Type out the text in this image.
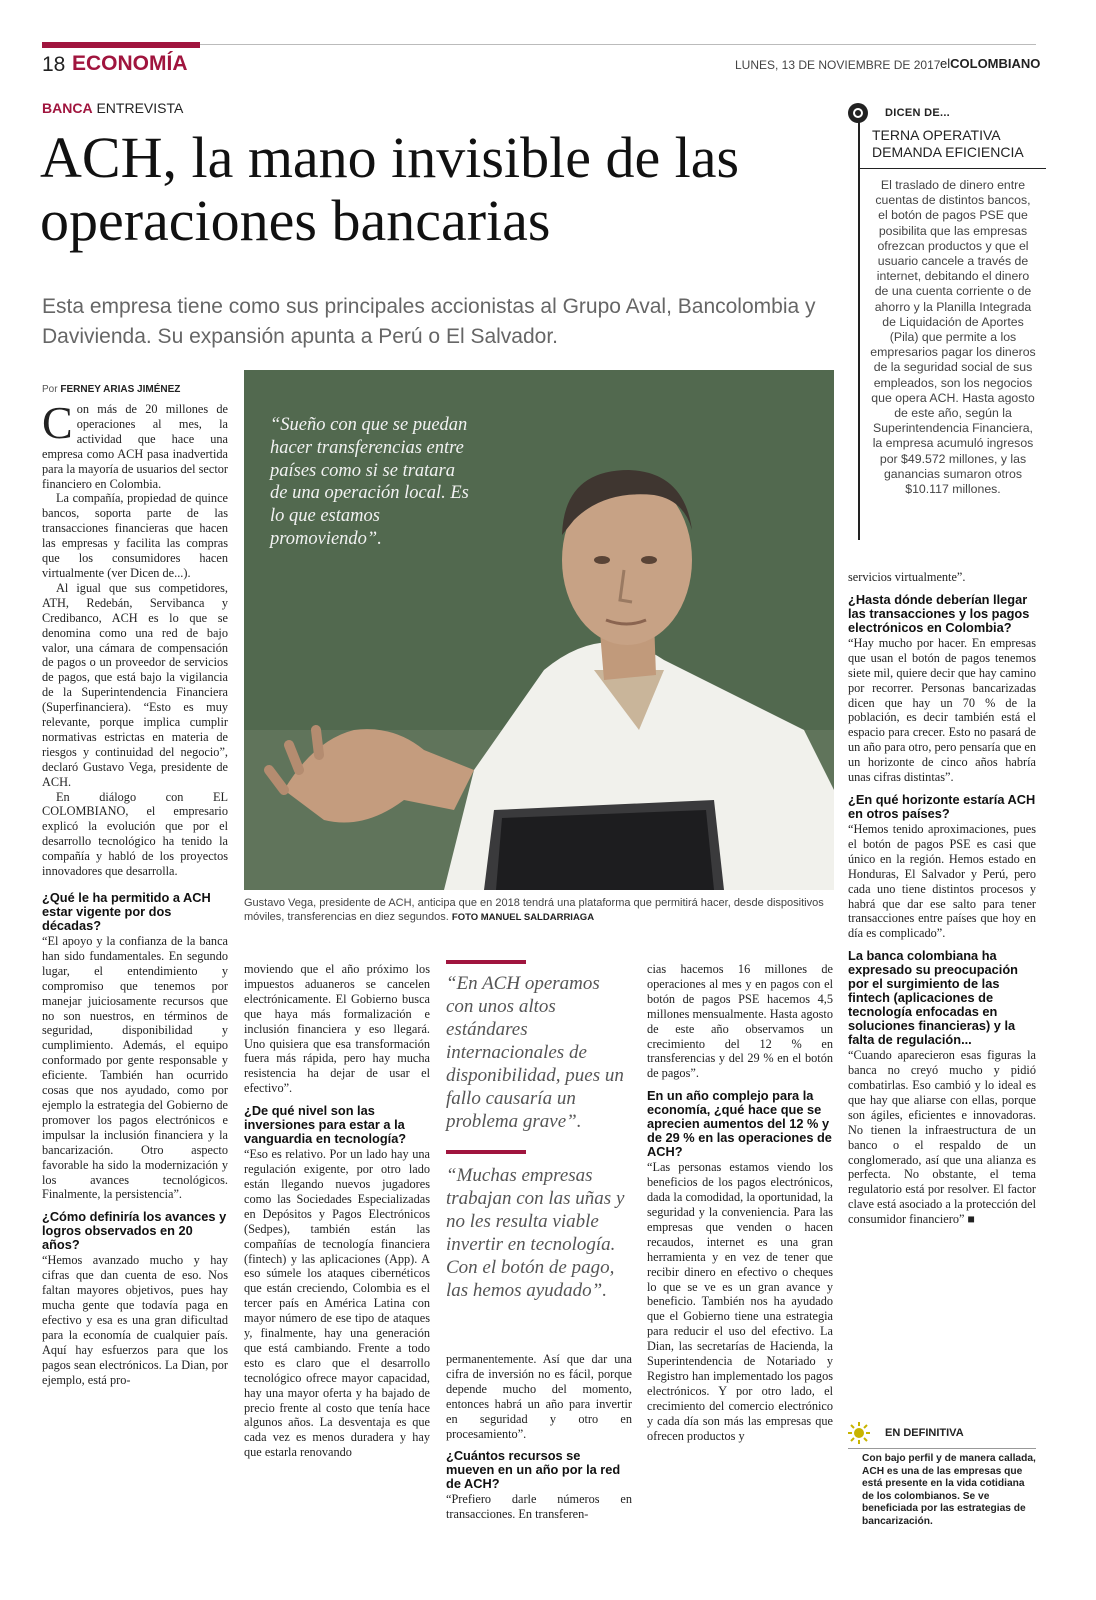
18 ECONOMÍA	LUNES, 13 DE NOVIEMBRE DE 2017 elCOLOMBIANO
BANCA ENTREVISTA
ACH, la mano invisible de las operaciones bancarias
Esta empresa tiene como sus principales accionistas al Grupo Aval, Bancolombia y Davivienda. Su expansión apunta a Perú o El Salvador.
Por FERNEY ARIAS JIMÉNEZ

Con más de 20 millones de operaciones al mes, la actividad que hace una empresa como ACH pasa inadvertida para la mayoría de usuarios del sector financiero en Colombia.

La compañía, propiedad de quince bancos, soporta parte de las transacciones financieras que hacen las empresas y facilita las compras que los consumidores hacen virtualmente (ver Dicen de...).

Al igual que sus competidores, ATH, Redebán, Servibanca y Credibanco, ACH es lo que se denomina como una red de bajo valor, una cámara de compensación de pagos o un proveedor de servicios de pagos, que está bajo la vigilancia de la Superintendencia Financiera (Superfinanciera). “Esto es muy relevante, porque implica cumplir normativas estrictas en materia de riesgos y continuidad del negocio”, declaró Gustavo Vega, presidente de ACH.

En diálogo con EL COLOMBIANO, el empresario explicó la evolución que por el desarrollo tecnológico ha tenido la compañía y habló de los proyectos innovadores que desarrolla.

¿Qué le ha permitido a ACH estar vigente por dos décadas?

“El apoyo y la confianza de la banca han sido fundamentales. En segundo lugar, el entendimiento y compromiso que tenemos por manejar juiciosamente recursos que no son nuestros, en términos de seguridad, disponibilidad y cumplimiento. Además, el equipo conformado por gente responsable y eficiente. También han ocurrido cosas que nos ayudado, como por ejemplo la estrategia del Gobierno de promover los pagos electrónicos e impulsar la inclusión financiera y la bancarización. Otro aspecto favorable ha sido la modernización y los avances tecnológicos. Finalmente, la persistencia”.

¿Cómo definiría los avances y logros observados en 20 años?

“Hemos avanzado mucho y hay cifras que dan cuenta de eso. Nos faltan mayores objetivos, pues hay mucha gente que todavía paga en efectivo y esa es una gran dificultad para la economía de cualquier país. Aquí hay esfuerzos para que los pagos sean electrónicos. La Dian, por ejemplo, está pro-

“Sueño con que se puedan hacer transferencias entre países como si se tratara de una operación local. Es lo que estamos promoviendo”.
Gustavo Vega, presidente de ACH, anticipa que en 2018 tendrá una plataforma que permitirá hacer, desde dispositivos móviles, transferencias en diez segundos. FOTO MANUEL SALDARRIAGA

moviendo que el año próximo los impuestos aduaneros se cancelen electrónicamente. El Gobierno busca que haya más formalización e inclusión financiera y eso llegará. Uno quisiera que esa transformación fuera más rápida, pero hay mucha resistencia ha dejar de usar el efectivo”.

¿De qué nivel son las inversiones para estar a la vanguardia en tecnología?

“Eso es relativo. Por un lado hay una regulación exigente, por otro lado están llegando nuevos jugadores como las Sociedades Especializadas en Depósitos y Pagos Electrónicos (Sedpes), también están las compañías de tecnología financiera (fintech) y las aplicaciones (App). A eso súmele los ataques cibernéticos que están creciendo, Colombia es el tercer país en América Latina con mayor número de ese tipo de ataques y, finalmente, hay una generación que está cambiando. Frente a todo esto es claro que el desarrollo tecnológico ofrece mayor capacidad, hay una mayor oferta y ha bajado de precio frente al costo que tenía hace algunos años. La desventaja es que cada vez es menos duradera y hay que estarla renovando

“En ACH operamos con unos altos estándares internacionales de disponibilidad, pues un fallo causaría un problema grave”.
“Muchas empresas trabajan con las uñas y no les resulta viable invertir en tecnología. Con el botón de pago, las hemos ayudado”.

permanentemente. Así que dar una cifra de inversión no es fácil, porque depende mucho del momento, entonces habrá un año para invertir en seguridad y otro en procesamiento”.

¿Cuántos recursos se mueven en un año por la red de ACH?

“Prefiero darle números en transacciones. En transferen-

cias hacemos 16 millones de operaciones al mes y en pagos con el botón de pagos PSE hacemos 4,5 millones mensualmente. Hasta agosto de este año observamos un crecimiento del 12 % en transferencias y del 29 % en el botón de pagos”.

En un año complejo para la economía, ¿qué hace que se aprecien aumentos del 12 % y de 29 % en las operaciones de ACH?

“Las personas estamos viendo los beneficios de los pagos electrónicos, dada la comodidad, la oportunidad, la seguridad y la conveniencia. Para las empresas que venden o hacen recaudos, internet es una gran herramienta y en vez de tener que recibir dinero en efectivo o cheques lo que se ve es un gran avance y beneficio. También nos ha ayudado que el Gobierno tiene una estrategia para reducir el uso del efectivo. La Dian, las secretarías de Hacienda, la Superintendencia de Notariado y Registro han implementado los pagos electrónicos. Y por otro lado, el crecimiento del comercio electrónico y cada día son más las empresas que ofrecen productos y

DICEN DE...
TERNA OPERATIVA
DEMANDA EFICIENCIA
El traslado de dinero entre cuentas de distintos bancos, el botón de pagos PSE que posibilita que las empresas ofrezcan productos y que el usuario cancele a través de internet, debitando el dinero de una cuenta corriente o de ahorro y la Planilla Integrada de Liquidación de Aportes (Pila) que permite a los empresarios pagar los dineros de la seguridad social de sus empleados, son los negocios que opera ACH. Hasta agosto de este año, según la Superintendencia Financiera, la empresa acumuló ingresos por $49.572 millones, y las ganancias sumaron otros $10.117 millones.

servicios virtualmente”.

¿Hasta dónde deberían llegar las transacciones y los pagos electrónicos en Colombia?

“Hay mucho por hacer. En empresas que usan el botón de pagos tenemos siete mil, quiere decir que hay camino por recorrer. Personas bancarizadas dicen que hay un 70 % de la población, es decir también está el espacio para crecer. Esto no pasará de un año para otro, pero pensaría que en un horizonte de cinco años habría unas cifras distintas”.

¿En qué horizonte estaría ACH en otros países?

“Hemos tenido aproximaciones, pues el botón de pagos PSE es casi que único en la región. Hemos estado en Honduras, El Salvador y Perú, pero cada uno tiene distintos procesos y habrá que dar ese salto para tener transacciones entre países que hoy en día es complicado”.

La banca colombiana ha expresado su preocupación por el surgimiento de las fintech (aplicaciones de tecnología enfocadas en soluciones financieras) y la falta de regulación...

“Cuando aparecieron esas figuras la banca no creyó mucho y pidió combatirlas. Eso cambió y lo ideal es que hay que aliarse con ellas, porque son ágiles, eficientes e innovadoras. No tienen la infraestructura de un banco o el respaldo de un conglomerado, así que una alianza es perfecta. No obstante, el tema regulatorio está por resolver. El factor clave está asociado a la protección del consumidor financiero” ■

EN DEFINITIVA
Con bajo perfil y de manera callada, ACH es una de las empresas que está presente en la vida cotidiana de los colombianos. Se ve beneficiada por las estrategias de bancarización.
